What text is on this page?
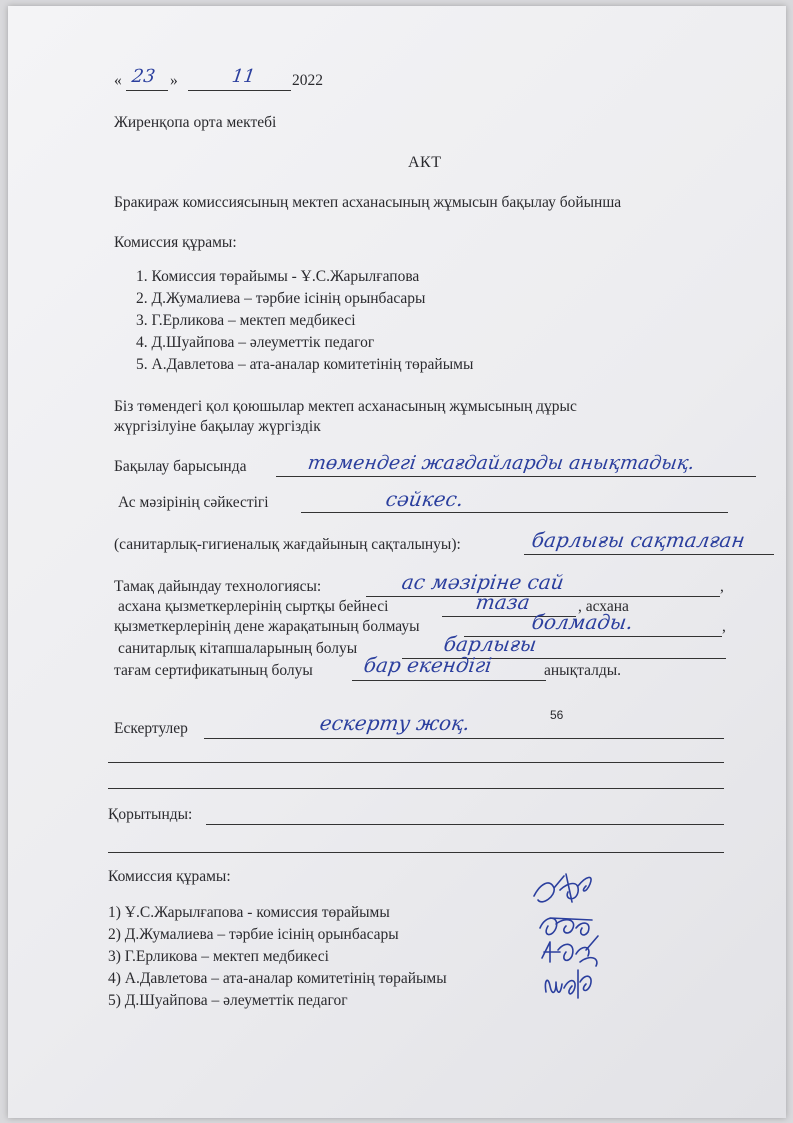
« 23 »	11 2022
Жиренқопа орта мектебі
АКТ
Бракираж комиссиясының мектеп асханасының жұмысын бақылау бойынша
Комиссия құрамы:
1. Комиссия төрайымы - Ұ.С.Жарылғапова
2. Д.Жумалиева – тәрбие ісінің орынбасары
3. Г.Ерликова – мектеп медбикесі
4. Д.Шуайпова – әлеуметтік педагог
5. А.Давлетова – ата-аналар комитетінің төрайымы
Біз төмендегі қол қоюшылар мектеп асханасының жұмысының дұрыс
жүргізілуіне бақылау жүргіздік
Бақылау барысында	төмендегі жағдайларды анықтадық.
Ас мәзірінің сәйкестігі	сәйкес.
(санитарлық-гигиеналық жағдайының сақталынуы):	барлығы сақталған
Тамақ дайындау технологиясы:	ас мәзіріне сай	,
асхана қызметкерлерінің сыртқы бейнесі	таза	, асхана
қызметкерлерінің дене жарақатының болмауы	болмады.	,
санитарлық кітапшаларының болуы	барлығы
тағам сертификатының болуы бар екендігі	анықталды.
Ескертулер	ескерту жоқ.	56
Қорытынды:
Комиссия құрамы:
1) Ұ.С.Жарылғапова - комиссия төрайымы
2) Д.Жумалиева – тәрбие ісінің орынбасары
3) Г.Ерликова – мектеп медбикесі
4) А.Давлетова – ата-аналар комитетінің төрайымы
5) Д.Шуайпова – әлеуметтік педагог
